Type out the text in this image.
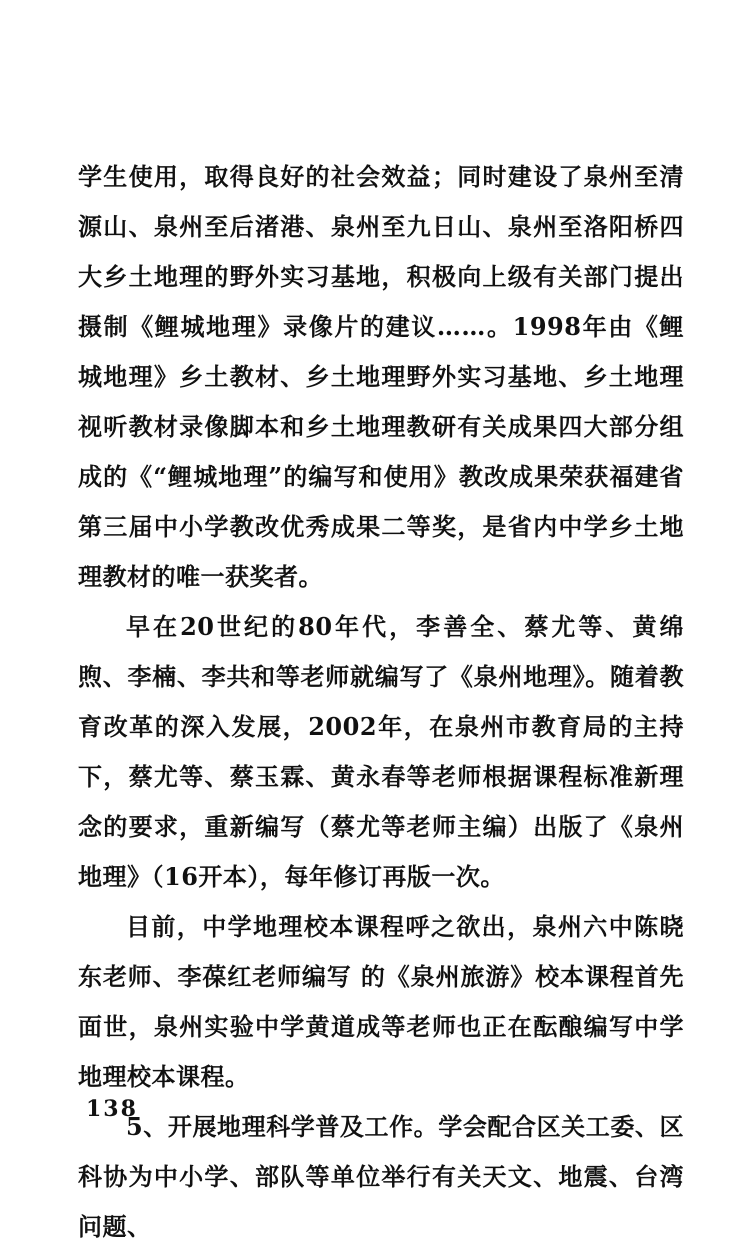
学生使用，取得良好的社会效益；同时建设了泉州至清源山、泉州至后渚港、泉州至九日山、泉州至洛阳桥四大乡土地理的野外实习基地，积极向上级有关部门提出摄制《鲤城地理》录像片的建议……。1998年由《鲤城地理》乡土教材、乡土地理野外实习基地、乡土地理视听教材录像脚本和乡土地理教研有关成果四大部分组成的《“鲤城地理”的编写和使用》教改成果荣获福建省第三届中小学教改优秀成果二等奖，是省内中学乡土地理教材的唯一获奖者。

早在20世纪的80年代，李善全、蔡尤等、黄绵煦、李楠、李共和等老师就编写了《泉州地理》。随着教育改革的深入发展，2002年，在泉州市教育局的主持下，蔡尤等、蔡玉霖、黄永春等老师根据课程标准新理念的要求，重新编写（蔡尤等老师主编）出版了《泉州地理》（16开本），每年修订再版一次。

目前，中学地理校本课程呼之欲出，泉州六中陈晓东老师、李葆红老师编写 的《泉州旅游》校本课程首先面世，泉州实验中学黄道成等老师也正在酝酿编写中学地理校本课程。

5、开展地理科学普及工作。学会配合区关工委、区科协为中小学、部队等单位举行有关天文、地震、台湾问题、

138
